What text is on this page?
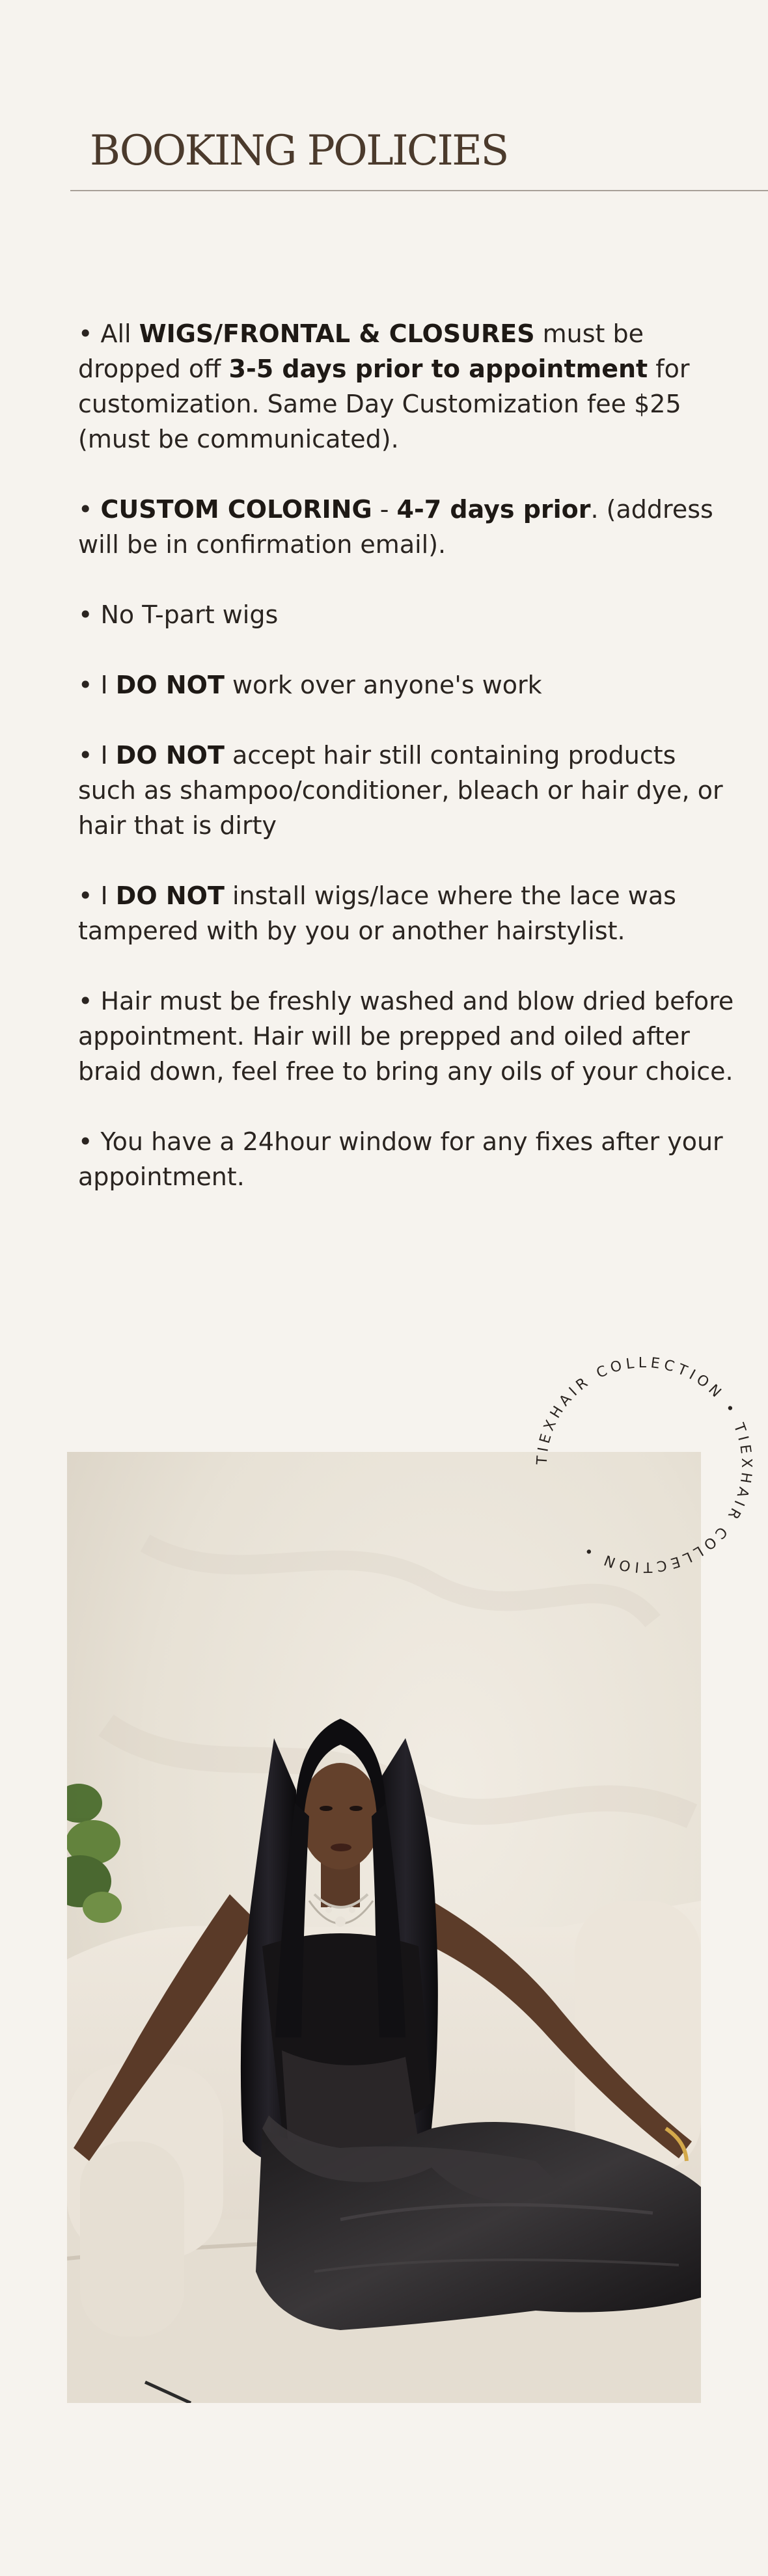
BOOKING POLICIES

• All WIGS/FRONTAL & CLOSURES must be dropped off 3-5 days prior to appointment for customization. Same Day Customization fee $25 (must be communicated).

• CUSTOM COLORING - 4-7 days prior. (address will be in confirmation email).

• No T-part wigs

• I DO NOT work over anyone's work

• I DO NOT accept hair still containing products such as shampoo/conditioner, bleach or hair dye, or hair that is dirty

• I DO NOT install wigs/lace where the lace was tampered with by you or another hairstylist.

• Hair must be freshly washed and blow dried before appointment. Hair will be prepped and oiled after braid down, feel free to bring any oils of your choice.

• You have a 24hour window for any fixes after your appointment.

TIEXHAIR COLLECTION • TIEXHAIR COLLECTION •
